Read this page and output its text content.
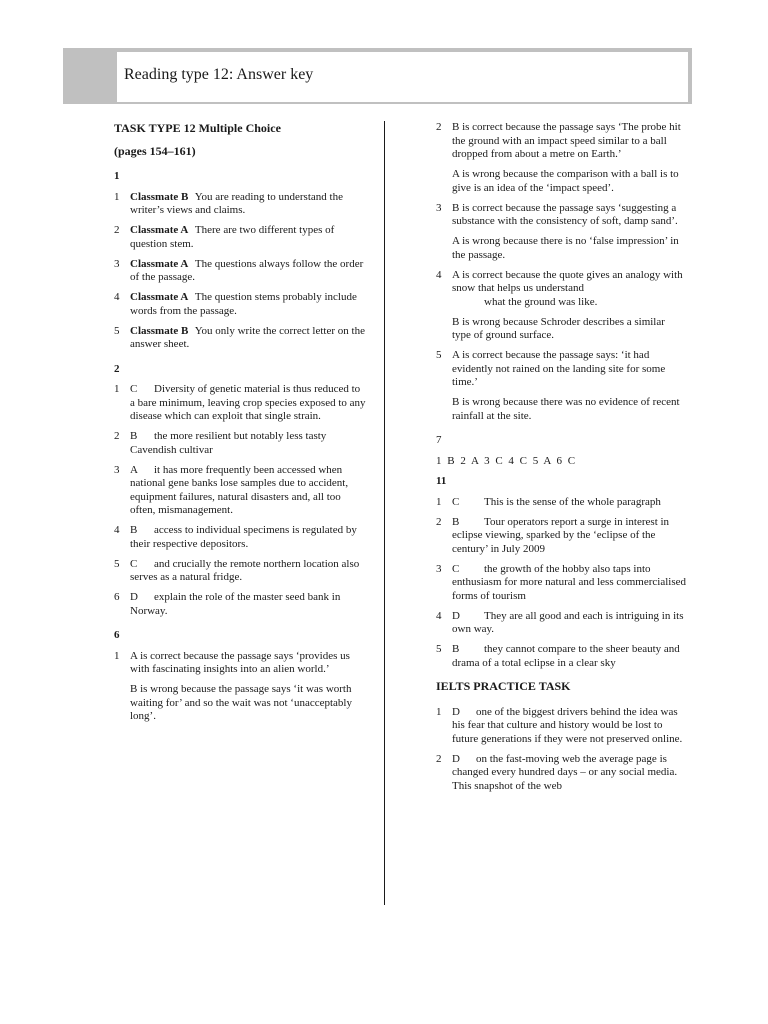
Reading type 12: Answer key
TASK TYPE 12 Multiple Choice
(pages 154–161)
1
1 Classmate B You are reading to understand the writer’s views and claims.
2 Classmate A There are two different types of question stem.
3 Classmate A The questions always follow the order of the passage.
4 Classmate A The question stems probably include words from the passage.
5 Classmate B You only write the correct letter on the answer sheet.
2
1 C Diversity of genetic material is thus reduced to a bare minimum, leaving crop species exposed to any disease which can exploit that single strain.
2 B the more resilient but notably less tasty Cavendish cultivar
3 A it has more frequently been accessed when national gene banks lose samples due to accident, equipment failures, natural disasters and, all too often, mismanagement.
4 B access to individual specimens is regulated by their respective depositors.
5 C and crucially the remote northern location also serves as a natural fridge.
6 D explain the role of the master seed bank in Norway.
6
1 A is correct because the passage says ‘provides us with fascinating insights into an alien world.’
B is wrong because the passage says ‘it was worth waiting for’ and so the wait was not ‘unacceptably long’.
2 B is correct because the passage says ‘The probe hit the ground with an impact speed similar to a ball dropped from about a metre on Earth.’
A is wrong because the comparison with a ball is to give is an idea of the ‘impact speed’.
3 B is correct because the passage says ‘suggesting a substance with the consistency of soft, damp sand’.
A is wrong because there is no ‘false impression’ in the passage.
4 A is correct because the quote gives an analogy with snow that helps us understand
what the ground was like.
B is wrong because Schroder describes a similar type of ground surface.
5 A is correct because the passage says: ‘it had evidently not rained on the landing site for some time.’
B is wrong because there was no evidence of recent rainfall at the site.
7
1 B 2 A 3 C 4 C 5 A 6 C
11
1 C This is the sense of the whole paragraph
2 B Tour operators report a surge in interest in eclipse viewing, sparked by the ‘eclipse of the century’ in July 2009
3 C the growth of the hobby also taps into enthusiasm for more natural and less commercialised forms of tourism
4 D They are all good and each is intriguing in its own way.
5 B they cannot compare to the sheer beauty and drama of a total eclipse in a clear sky
IELTS PRACTICE TASK
1 D one of the biggest drivers behind the idea was his fear that culture and history would be lost to future generations if they were not preserved online.
2 D on the fast-moving web the average page is changed every hundred days – or any social media. This snapshot of the web
